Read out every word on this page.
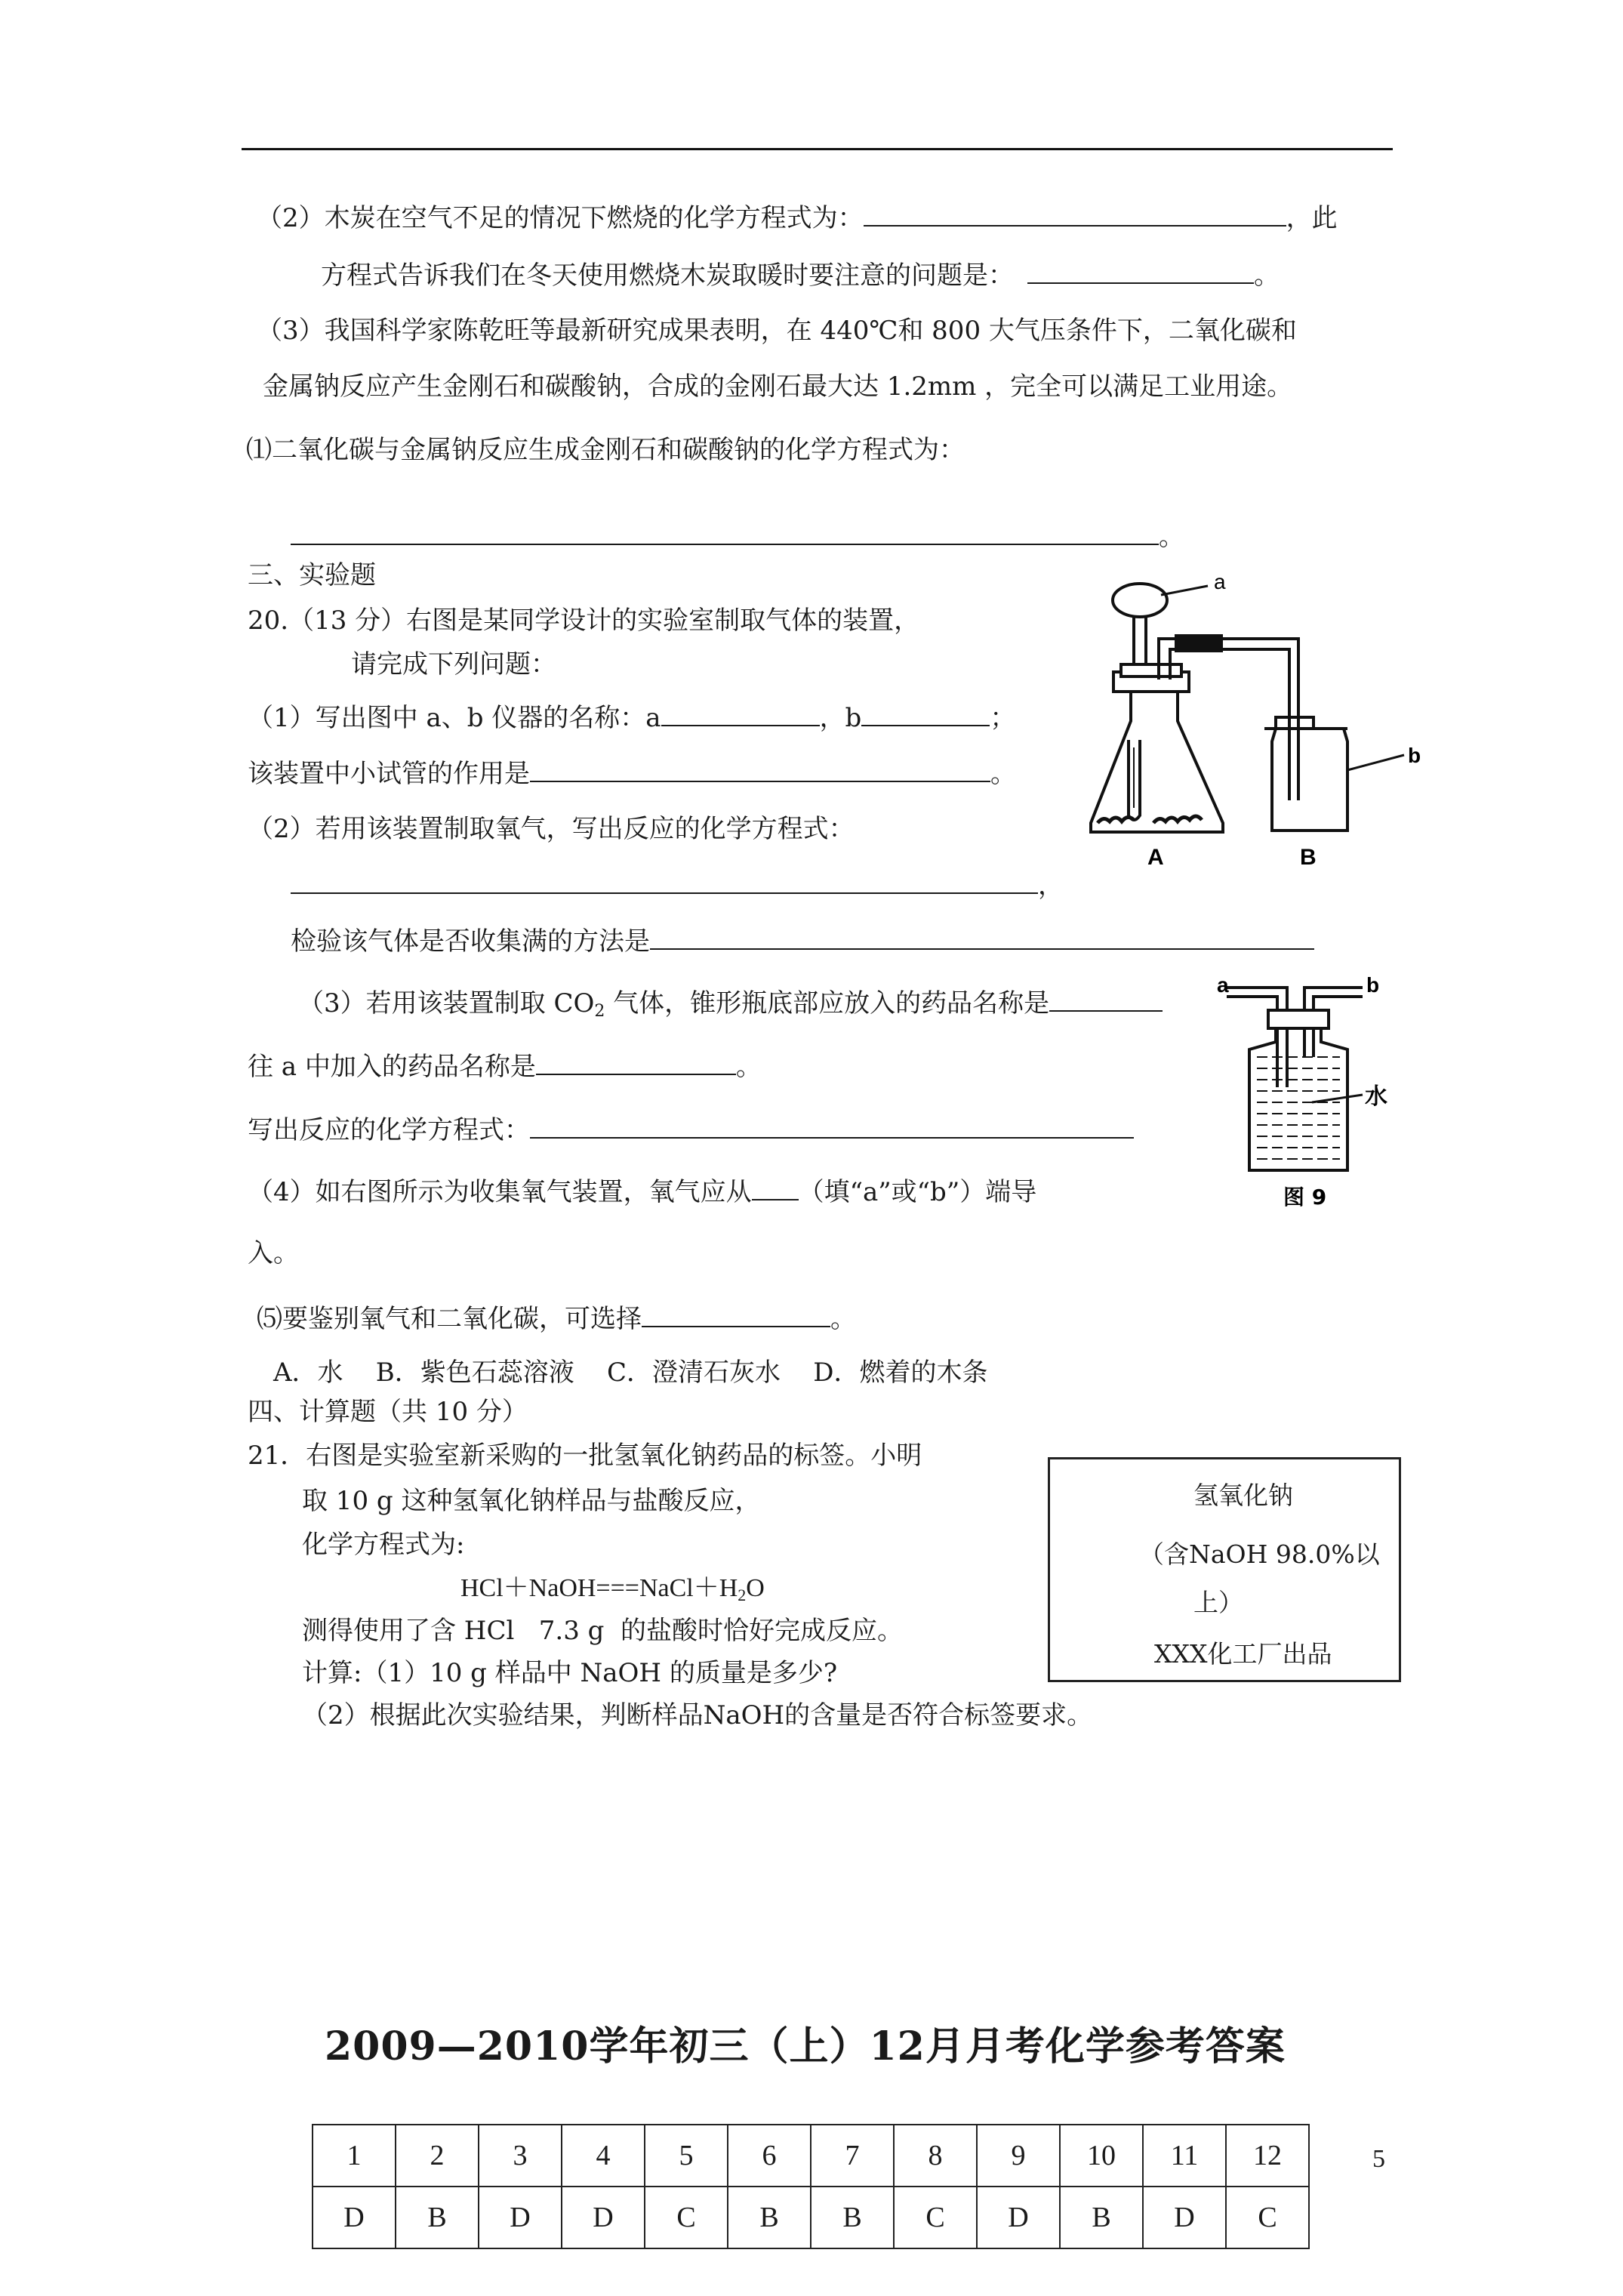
（2）木炭在空气不足的情况下燃烧的化学方程式为：	，此
方程式告诉我们在冬天使用燃烧木炭取暖时要注意的问题是：	。
（3）我国科学家陈乾旺等最新研究成果表明，在 440℃和 800 大气压条件下，二氧化碳和
金属钠反应产生金刚石和碳酸钠，合成的金刚石最大达 1.2mm ，完全可以满足工业用途。
⑴二氧化碳与金属钠反应生成金刚石和碳酸钠的化学方程式为：
。
三、实验题
20.（13 分）右图是某同学设计的实验室制取气体的装置，
请完成下列问题：
（1）写出图中 a、b 仪器的名称：a	，b	；
该装置中小试管的作用是	。
（2）若用该装置制取氧气，写出反应的化学方程式：
，
检验该气体是否收集满的方法是
（3）若用该装置制取 $CO_2$ 气体，锥形瓶底部应放入的药品名称是
往 a 中加入的药品名称是	。
写出反应的化学方程式：
（4）如右图所示为收集氧气装置，氧气应从 （填“a”或“b”）端导
入。
⑸要鉴别氧气和二氧化碳，可选择	。
A．水    B．紫色石蕊溶液    C．澄清石灰水    D．燃着的木条
a
b
A	B
a	b
水
图 9
四、计算题（共 10 分）
21．右图是实验室新采购的一批氢氧化钠药品的标签。小明
取 10 g 这种氢氧化钠样品与盐酸反应，
化学方程式为:
$HCl+NaOH===NaCl+H_2O$
测得使用了含 HCl   7.3 g  的盐酸时恰好完成反应。
计算:（1）10 g 样品中 NaOH 的质量是多少?
（2）根据此次实验结果，判断样品NaOH的含量是否符合标签要求。
氢氧化钠
（含NaOH 98.0%以
上）
XXX化工厂出品
2009—2010学年初三（上）12月月考化学参考答案
1	2	3	4	5	6	7	8	9	10	11	12
D	B	D	D	C	B	B	C	D	B	D	C
5
